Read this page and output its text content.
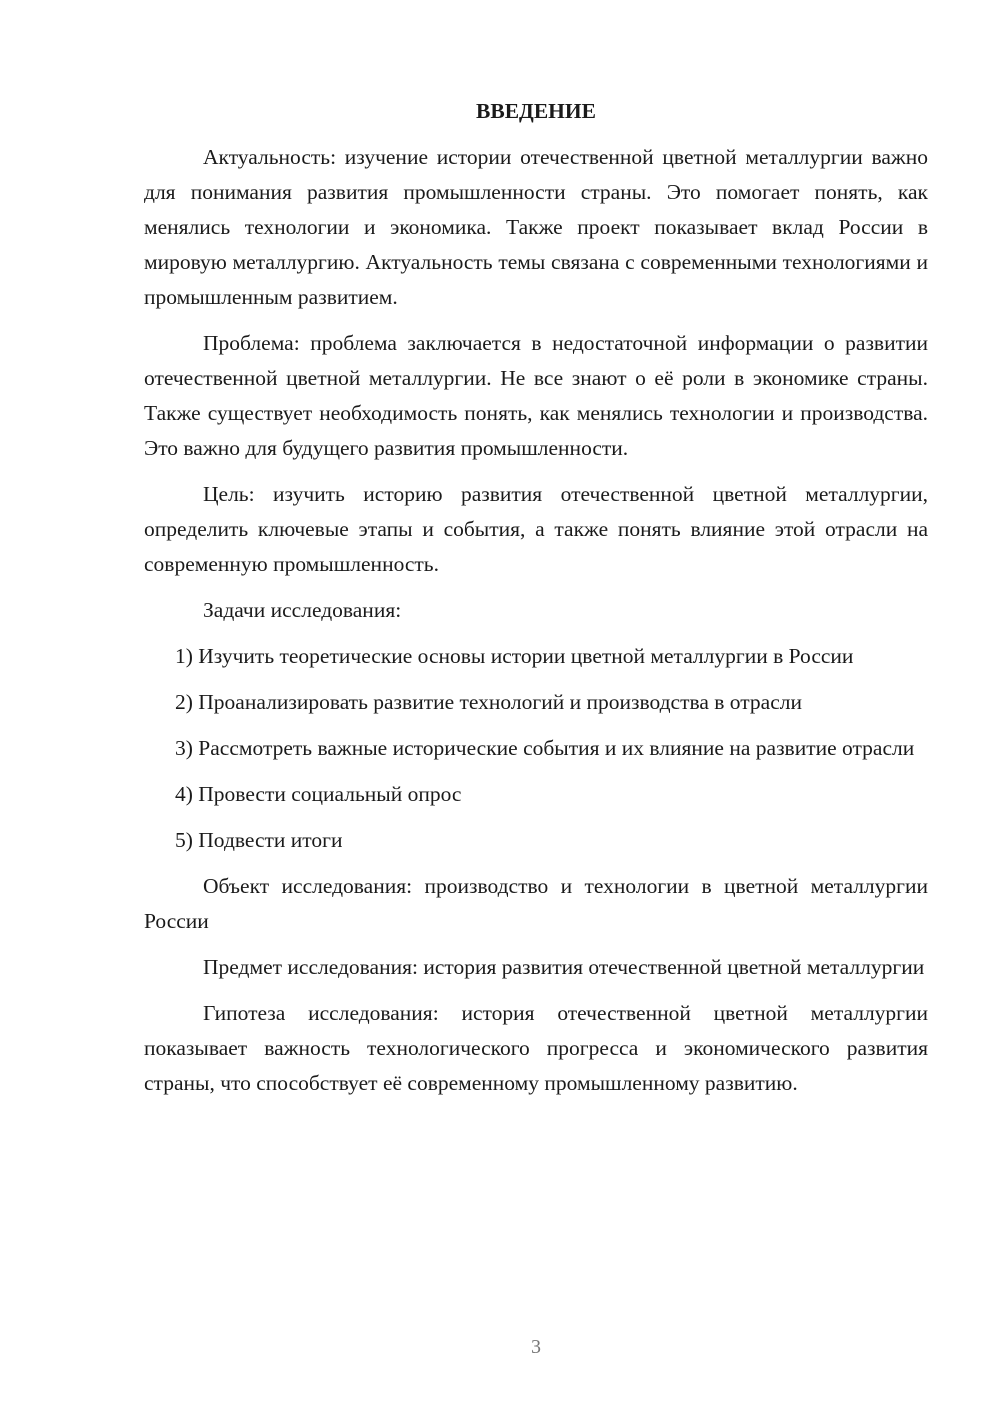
ВВЕДЕНИЕ

Актуальность: изучение истории отечественной цветной металлургии важно для понимания развития промышленности страны. Это помогает понять, как менялись технологии и экономика. Также проект показывает вклад России в мировую металлургию. Актуальность темы связана с современными технологиями и промышленным развитием.

Проблема: проблема заключается в недостаточной информации о развитии отечественной цветной металлургии. Не все знают о её роли в экономике страны. Также существует необходимость понять, как менялись технологии и производства. Это важно для будущего развития промышленности.

Цель: изучить историю развития отечественной цветной металлургии, определить ключевые этапы и события, а также понять влияние этой отрасли на современную промышленность.

Задачи исследования:

1) Изучить теоретические основы истории цветной металлургии в России

2) Проанализировать развитие технологий и производства в отрасли

3) Рассмотреть важные исторические события и их влияние на развитие отрасли

4) Провести социальный опрос

5) Подвести итоги

Объект исследования: производство и технологии в цветной металлургии России

Предмет исследования: история развития отечественной цветной металлургии

Гипотеза исследования: история отечественной цветной металлургии показывает важность технологического прогресса и экономического развития страны, что способствует её современному промышленному развитию.

3
